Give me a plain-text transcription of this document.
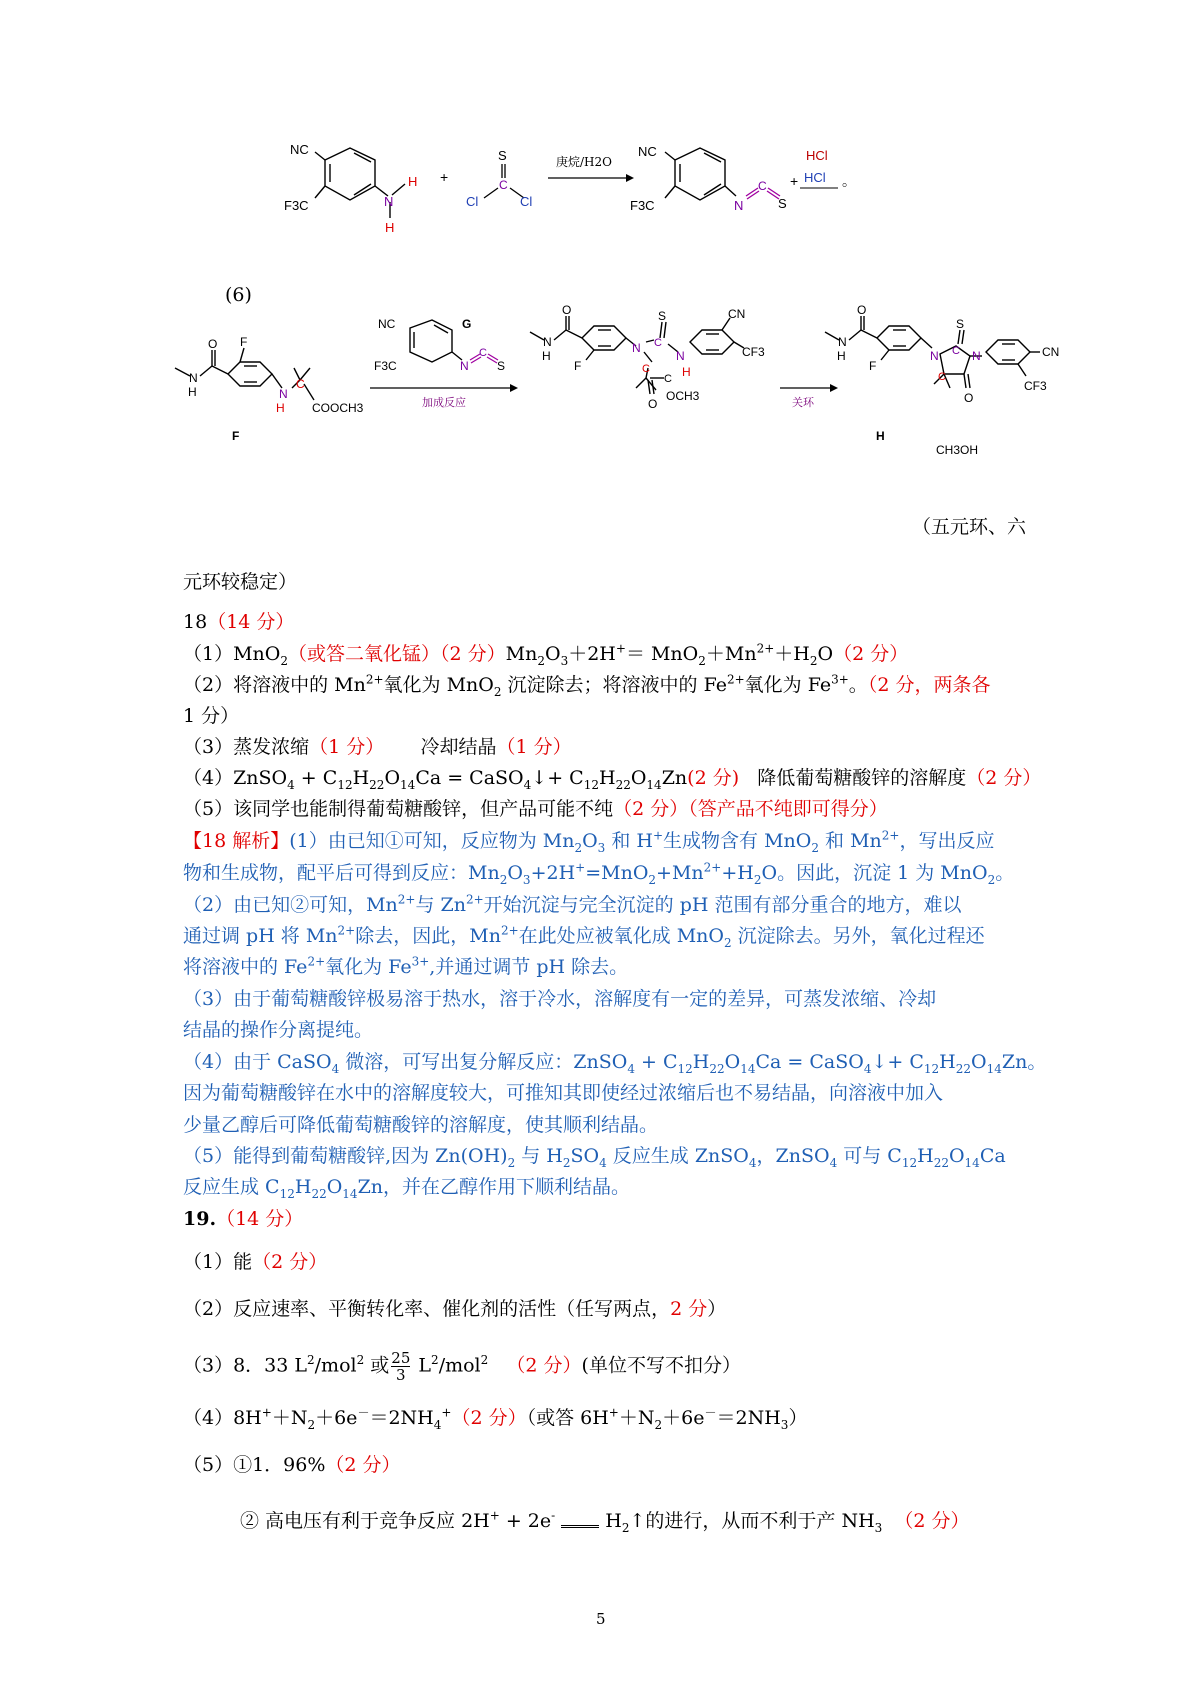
NC
F3C	N
H
H
+
S
C
Cl	Cl
庚烷/H2O
NC
F3C	N
C
S
+
HCl
HCl 。
(6)
O
N
H
F
N
H
C
COOCH3
F
NC
F3C
G
N
C
S
加成反应
O
N
H
F
N C
S
N
H
C
C
O
OCH3
CN
CF3
关环
O
N
H
F
N C
S
N
C
O
CN
CF3
H
CH3OH
（五元环、六
元环较稳定）
18（14 分）
（1）MnO$_2$（或答二氧化锰）（2 分）$Mn_2O_3+2H^+= MnO_2+Mn^{2+}+H_2O(2$ 分）
（2）将溶液中的 $Mn^{2+}$氧化为 MnO$_2$ 沉淀除去；将溶液中的 $Fe^{2+}$氧化为 $Fe^{3+}$。（2 分，两条各
1 分）
（3）蒸发浓缩（1 分） 冷却结晶（1 分）
（4）ZnSO$_4$ + $C_{12}H_{22}O_{14}Ca$ = CaSO$_4$↓+ $C_{12}H_{22}O_{14}Zn(2$ 分) 降低葡萄糖酸锌的溶解度（2 分）
（5）该同学也能制得葡萄糖酸锌，但产品可能不纯（2 分）（答产品不纯即可得分）
【18 解析】(1）由已知①可知，反应物为 $Mn_2O_3$ 和 H+生成物含有 MnO$_2$ 和 $Mn^{2+}$，写出反应
物和生成物，配平后可得到反应：$Mn_2O_3+2H^+=MnO_2+Mn^{2+}+H_2O$。因此，沉淀 1 为 MnO$_2$。
（2）由已知②可知，$Mn^{2+}$与 $Zn^{2+}$开始沉淀与完全沉淀的 pH 范围有部分重合的地方，难以
通过调 pH 将 $Mn^{2+}$除去，因此，$Mn^{2+}$在此处应被氧化成 MnO$_2$ 沉淀除去。另外，氧化过程还
将溶液中的 $Fe^{2+}$氧化为 $Fe^{3+}$,并通过调节 pH 除去。
（3）由于葡萄糖酸锌极易溶于热水，溶于冷水，溶解度有一定的差异，可蒸发浓缩、冷却
结晶的操作分离提纯。
（4）由于 CaSO$_4$ 微溶，可写出复分解反应：ZnSO$_4$ + $C_{12}H_{22}O_{14}Ca$ = CaSO$_4$↓+ $C_{12}H_{22}O_{14}Zn$。
因为葡萄糖酸锌在水中的溶解度较大，可推知其即使经过浓缩后也不易结晶，向溶液中加入
少量乙醇后可降低葡萄糖酸锌的溶解度，使其顺利结晶。
（5）能得到葡萄糖酸锌,因为 $Zn(OH)_2$ 与 $H_2SO_4$ 反应生成 ZnSO$_4$，ZnSO$_4$ 可与 $C_{12}H_{22}O_{14}Ca$
反应生成 $C_{12}H_{22}O_{14}Zn$，并在乙醇作用下顺利结晶。
19.（14 分）
（1）能（2 分）
（2）反应速率、平衡转化率、催化剂的活性（任写两点，2 分）
（3）8．33 $L^2/mol^2$ 或 $\frac{25}{3} L^2/mol^2$ （2 分）(单位不写不扣分）
$(4)8H^++N_2+6e^-=2NH_4^+(2$ 分）（或答 $6H^++N_2+6e^-=2NH_3$）
（5）①1．96%（2 分）
② 高电压有利于竞争反应 2H+ + 2e-  $H_2↑$的进行，从而不利于产 $NH_3$ （2 分）
5
